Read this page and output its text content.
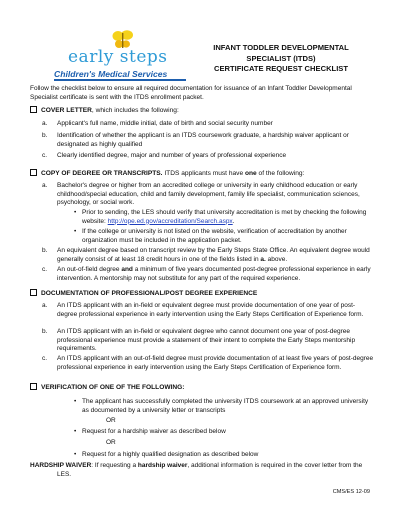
early steps
Children's Medical Services
INFANT TODDLER DEVELOPMENTAL
SPECIALIST (ITDS)
CERTIFICATE REQUEST CHECKLIST
Follow the checklist below to ensure all required documentation for issuance of an Infant Toddler Developmental Specialist certificate is sent with the ITDS enrollment packet.
COVER LETTER, which includes the following:
a. Applicant's full name, middle initial, date of birth and social security number
b. Identification of whether the applicant is an ITDS coursework graduate, a hardship waiver applicant or designated as highly qualified
c. Clearly identified degree, major and number of years of professional experience
COPY OF DEGREE OR TRANSCRIPTS. ITDS applicants must have one of the following:
a. Bachelor's degree or higher from an accredited college or university in early childhood education or early childhood/special education, child and family development, family life specialist, communication sciences, psychology, or social work.
• Prior to sending, the LES should verify that university accreditation is met by checking the following website: http://ope.ed.gov/accreditation/Search.aspx.
• If the college or university is not listed on the website, verification of accreditation by another organization must be included in the application packet.
b. An equivalent degree based on transcript review by the Early Steps State Office. An equivalent degree would generally consist of at least 18 credit hours in one of the fields listed in a. above.
c. An out-of-field degree and a minimum of five years documented post-degree professional experience in early intervention. A mentorship may not substitute for any part of the required experience.
DOCUMENTATION OF PROFESSIONAL/POST DEGREE EXPERIENCE
a. An ITDS applicant with an in-field or equivalent degree must provide documentation of one year of post-degree professional experience in early intervention using the Early Steps Certification of Experience form.
b. An ITDS applicant with an in-field or equivalent degree who cannot document one year of post-degree professional experience must provide a statement of their intent to complete the Early Steps mentorship requirements.
c. An ITDS applicant with an out-of-field degree must provide documentation of at least five years of post-degree professional experience in early intervention using the Early Steps Certification of Experience form.
VERIFICATION OF ONE OF THE FOLLOWING:
• The applicant has successfully completed the university ITDS coursework at an approved university as documented by a university letter or transcripts
OR
• Request for a hardship waiver as described below
OR
• Request for a highly qualified designation as described below
HARDSHIP WAIVER: If requesting a hardship waiver, additional information is required in the cover letter from the LES.
CMS/ES 12-09
